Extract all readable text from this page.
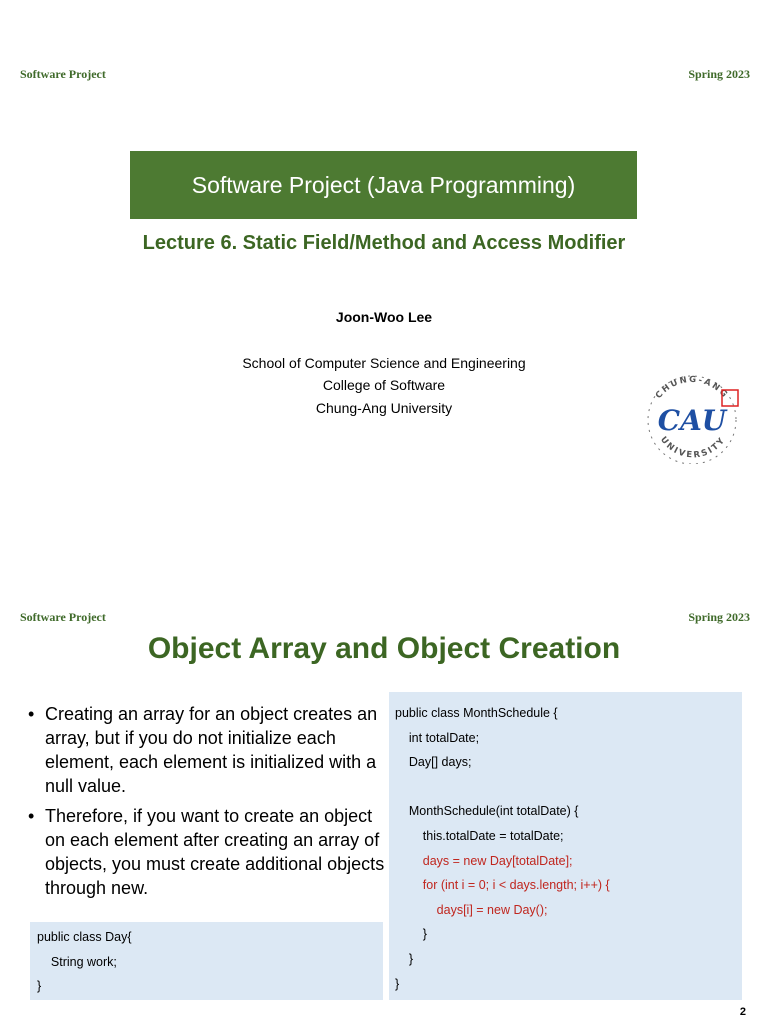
Software Project	Spring 2023
Software Project (Java Programming)
Lecture 6. Static Field/Method and Access Modifier
Joon-Woo Lee
School of Computer Science and Engineering
College of Software
Chung-Ang University
CHUNG-ANG
UNIVERSITY
CAU
Software Project	Spring 2023
Object Array and Object Creation
• Creating an array for an object creates an array, but if you do not initialize each element, each element is initialized with a null value.
• Therefore, if you want to create an object on each element after creating an array of objects, you must create additional objects through new.
public class Day{
String work;
}
public class MonthSchedule {
int totalDate;
Day[] days;
MonthSchedule(int totalDate) {
this.totalDate = totalDate;
days = new Day[totalDate];
for (int i = 0; i < days.length; i++) {
days[i] = new Day();
}
}
}
2
